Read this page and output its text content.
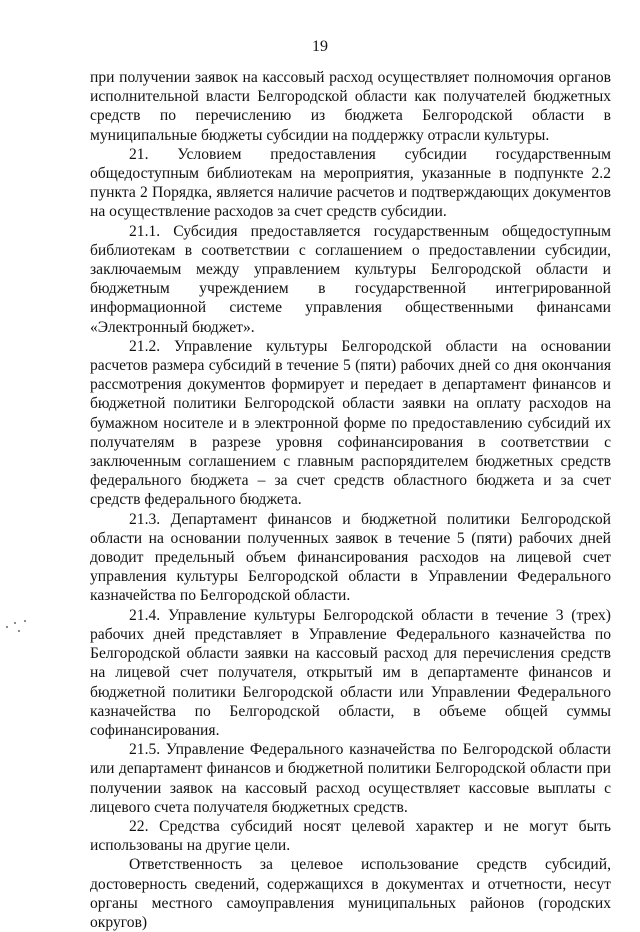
19

при получении заявок на кассовый расход осуществляет полномочия органов исполнительной власти Белгородской области как получателей бюджетных средств по перечислению из бюджета Белгородской области в муниципальные бюджеты субсидии на поддержку отрасли культуры.

21. Условием предоставления субсидии государственным общедоступным библиотекам на мероприятия, указанные в подпункте 2.2 пункта 2 Порядка, является наличие расчетов и подтверждающих документов на осуществление расходов за счет средств субсидии.

21.1. Субсидия предоставляется государственным общедоступным библиотекам в соответствии с соглашением о предоставлении субсидии, заключаемым между управлением культуры Белгородской области и бюджетным учреждением в государственной интегрированной информационной системе управления общественными финансами «Электронный бюджет».

21.2. Управление культуры Белгородской области на основании расчетов размера субсидий в течение 5 (пяти) рабочих дней со дня окончания рассмотрения документов формирует и передает в департамент финансов и бюджетной политики Белгородской области заявки на оплату расходов на бумажном носителе и в электронной форме по предоставлению субсидий их получателям в разрезе уровня софинансирования в соответствии с заключенным соглашением с главным распорядителем бюджетных средств федерального бюджета – за счет средств областного бюджета и за счет средств федерального бюджета.

21.3. Департамент финансов и бюджетной политики Белгородской области на основании полученных заявок в течение 5 (пяти) рабочих дней доводит предельный объем финансирования расходов на лицевой счет управления культуры Белгородской области в Управлении Федерального казначейства по Белгородской области.

21.4. Управление культуры Белгородской области в течение 3 (трех) рабочих дней представляет в Управление Федерального казначейства по Белгородской области заявки на кассовый расход для перечисления средств на лицевой счет получателя, открытый им в департаменте финансов и бюджетной политики Белгородской области или Управлении Федерального казначейства по Белгородской области, в объеме общей суммы софинансирования.

21.5. Управление Федерального казначейства по Белгородской области или департамент финансов и бюджетной политики Белгородской области при получении заявок на кассовый расход осуществляет кассовые выплаты с лицевого счета получателя бюджетных средств.

22. Средства субсидий носят целевой характер и не могут быть использованы на другие цели.

Ответственность за целевое использование средств субсидий, достоверность сведений, содержащихся в документах и отчетности, несут органы местного самоуправления муниципальных районов (городских округов)
